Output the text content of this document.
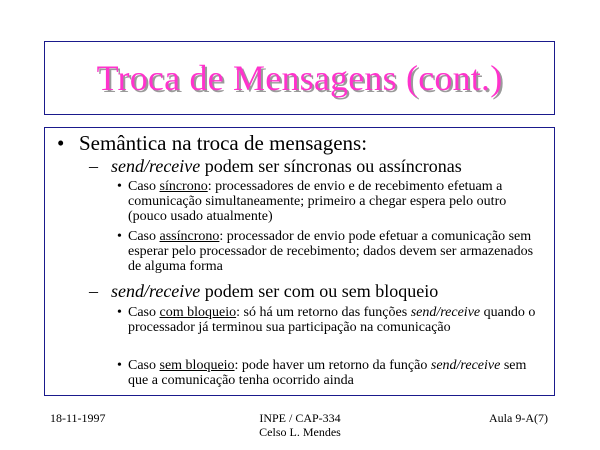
Troca de Mensagens (cont.)
• Semântica na troca de mensagens:
– send/receive podem ser síncronas ou assíncronas
• Caso síncrono: processadores de envio e de recebimento efetuam a comunicação simultaneamente; primeiro a chegar espera pelo outro (pouco usado atualmente)
• Caso assíncrono: processador de envio pode efetuar a comunicação sem esperar pelo processador de recebimento; dados devem ser armazenados de alguma forma
– send/receive podem ser com ou sem bloqueio
• Caso com bloqueio: só há um retorno das funções send/receive quando o processador já terminou sua participação na comunicação
• Caso sem bloqueio: pode haver um retorno da função send/receive sem que a comunicação tenha ocorrido ainda
18-11-1997	INPE / CAP-334
Celso L. Mendes
Aula 9-A(7)
